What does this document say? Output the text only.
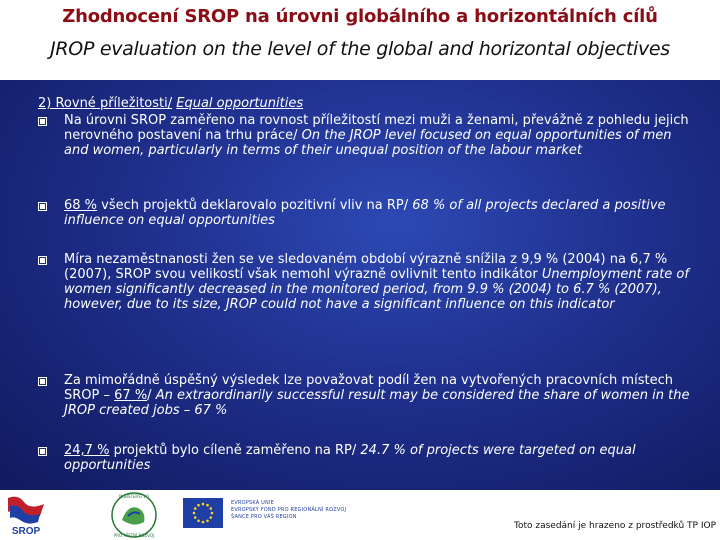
Zhodnocení SROP na úrovni globálního a horizontálních cílů
JROP evaluation on the level of the global and horizontal objectives
2) Rovné příležitosti/ Equal opportunities
Na úrovni SROP zaměřeno na rovnost příležitostí mezi muži a ženami, převážně z pohledu jejich nerovného postavení na trhu práce/ On the JROP level focused on equal opportunities of men and women, particularly in terms of their unequal position of the labour market
68 % všech projektů deklarovalo pozitivní vliv na RP/ 68 % of all projects declared a positive influence on equal opportunities
Míra nezaměstnanosti žen se ve sledovaném období výrazně snížila z 9,9 % (2004) na 6,7 % (2007), SROP svou velikostí však nemohl výrazně ovlivnit tento indikátor Unemployment rate of women significantly decreased in the monitored period, from 9.9 % (2004) to 6.7 % (2007), however, due to its size, JROP could not have a significant influence on this indicator
Za mimořádně úspěšný výsledek lze považovat podíl žen na vytvořených pracovních místech SROP – 67 %/ An extraordinarily successful result may be considered the share of women in the JROP created jobs – 67 %
24,7 % projektů bylo cíleně zaměřeno na RP/ 24.7 % of projects were targeted on equal opportunities
SROP
MINISTERSTVO
PRO MÍSTNÍ ROZVOJ
EVROPSKÁ UNIE
EVROPSKÝ FOND PRO REGIONÁLNÍ ROZVOJ
ŠANCE PRO VÁŠ REGION
Toto zasedání je hrazeno z prostředků TP IOP
